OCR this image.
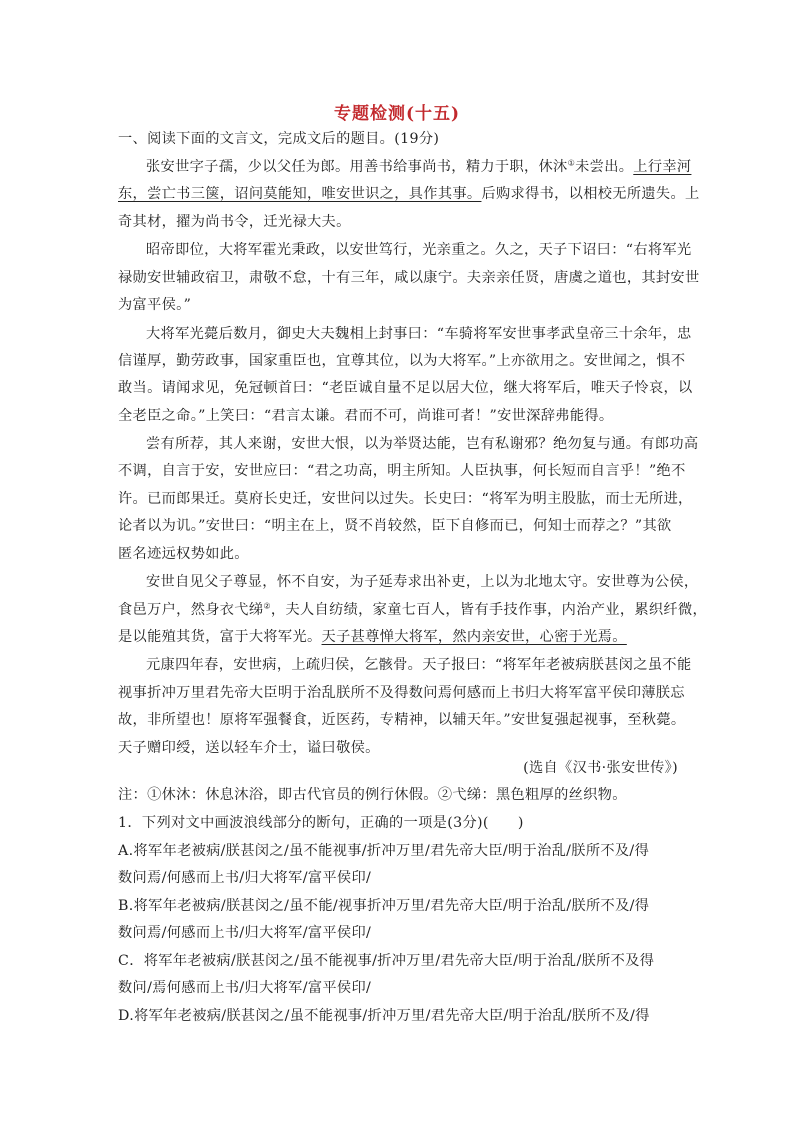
专题检测(十五)
一、阅读下面的文言文，完成文后的题目。(19分)
张安世字子孺，少以父任为郎。用善书给事尚书，精力于职，休沐①未尝出。上行幸河
东，尝亡书三箧，诏问莫能知，唯安世识之，具作其事。后购求得书，以相校无所遗失。上
奇其材，擢为尚书令，迁光禄大夫。
昭帝即位，大将军霍光秉政，以安世笃行，光亲重之。久之，天子下诏曰：“右将军光
禄勋安世辅政宿卫，肃敬不怠，十有三年，咸以康宁。夫亲亲任贤，唐虞之道也，其封安世
为富平侯。”
大将军光薨后数月，御史大夫魏相上封事曰：“车骑将军安世事孝武皇帝三十余年，忠
信谨厚，勤劳政事，国家重臣也，宜尊其位，以为大将军。”上亦欲用之。安世闻之，惧不
敢当。请闻求见，免冠顿首曰：“老臣诚自量不足以居大位，继大将军后，唯天子怜哀，以
全老臣之命。”上笑曰：“君言太谦。君而不可，尚谁可者！”安世深辞弗能得。
尝有所荐，其人来谢，安世大恨，以为举贤达能，岂有私谢邪？绝勿复与通。有郎功高
不调，自言于安，安世应曰：“君之功高，明主所知。人臣执事，何长短而自言乎！”绝不
许。已而郎果迁。莫府长史迁，安世问以过失。长史曰：“将军为明主股肱，而士无所进，
论者以为讥。”安世曰：“明主在上，贤不肖较然，臣下自修而已，何知士而荐之？”其欲
匿名迹远权势如此。
安世自见父子尊显，怀不自安，为子延寿求出补吏，上以为北地太守。安世尊为公侯，
食邑万户，然身衣弋绨②，夫人自纺绩，家童七百人，皆有手技作事，内治产业，累织纤微，
是以能殖其货，富于大将军光。天子甚尊惮大将军，然内亲安世，心密于光焉。
元康四年春，安世病，上疏归侯，乞骸骨。天子报曰：“将军年老被病朕甚闵之虽不能
视事折冲万里君先帝大臣明于治乱朕所不及得数问焉何感而上书归大将军富平侯印薄朕忘
故，非所望也！原将军强餐食，近医药，专精神，以辅天年。”安世复强起视事，至秋薨。
天子赠印绶，送以轻车介士，谥曰敬侯。
(选自《汉书·张安世传》)
注：①休沐：休息沐浴，即古代官员的例行休假。②弋绨：黑色粗厚的丝织物。
1．下列对文中画波浪线部分的断句，正确的一项是(3分)(　　)
A.将军年老被病/朕甚闵之/虽不能视事/折冲万里/君先帝大臣/明于治乱/朕所不及/得
数问焉/何感而上书/归大将军/富平侯印/
B.将军年老被病/朕甚闵之/虽不能/视事折冲万里/君先帝大臣/明于治乱/朕所不及/得
数问焉/何感而上书/归大将军/富平侯印/
C．将军年老被病/朕甚闵之/虽不能视事/折冲万里/君先帝大臣/明于治乱/朕所不及得
数问/焉何感而上书/归大将军/富平侯印/
D.将军年老被病/朕甚闵之/虽不能视事/折冲万里/君先帝大臣/明于治乱/朕所不及/得
